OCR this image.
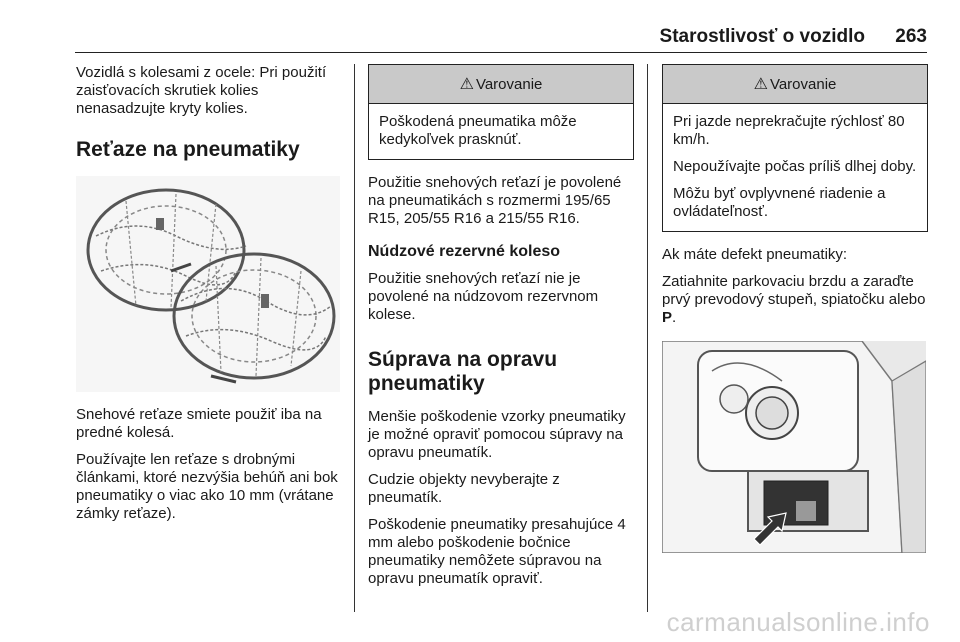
Starostlivosť o vozidlo 263

Vozidlá s kolesami z ocele: Pri použití zaisťovacích skrutiek kolies nenasadzujte kryty kolies.

Reťaze na pneumatiky

Snehové reťaze smiete použiť iba na predné kolesá.

Používajte len reťaze s drobnými článkami, ktoré nezvýšia behúň ani bok pneumatiky o viac ako 10 mm (vrátane zámky reťaze).

⚠ Varovanie

Poškodená pneumatika môže kedykoľvek prasknúť.

Použitie snehových reťazí je povolené na pneumatikách s rozmermi 195/65 R15, 205/55 R16 a 215/55 R16.

Núdzové rezervné koleso

Použitie snehových reťazí nie je povolené na núdzovom rezervnom kolese.

Súprava na opravu pneumatiky

Menšie poškodenie vzorky pneumatiky je možné opraviť pomocou súpravy na opravu pneumatík.

Cudzie objekty nevyberajte z pneumatík.

Poškodenie pneumatiky presahujúce 4 mm alebo poškodenie bočnice pneumatiky nemôžete súpravou na opravu pneumatík opraviť.

⚠ Varovanie

Pri jazde neprekračujte rýchlosť 80 km/h.

Nepoužívajte počas príliš dlhej doby.

Môžu byť ovplyvnené riadenie a ovládateľnosť.

Ak máte defekt pneumatiky:

Zatiahnite parkovaciu brzdu a zaraďte prvý prevodový stupeň, spiatočku alebo P.

carmanualsonline.info
